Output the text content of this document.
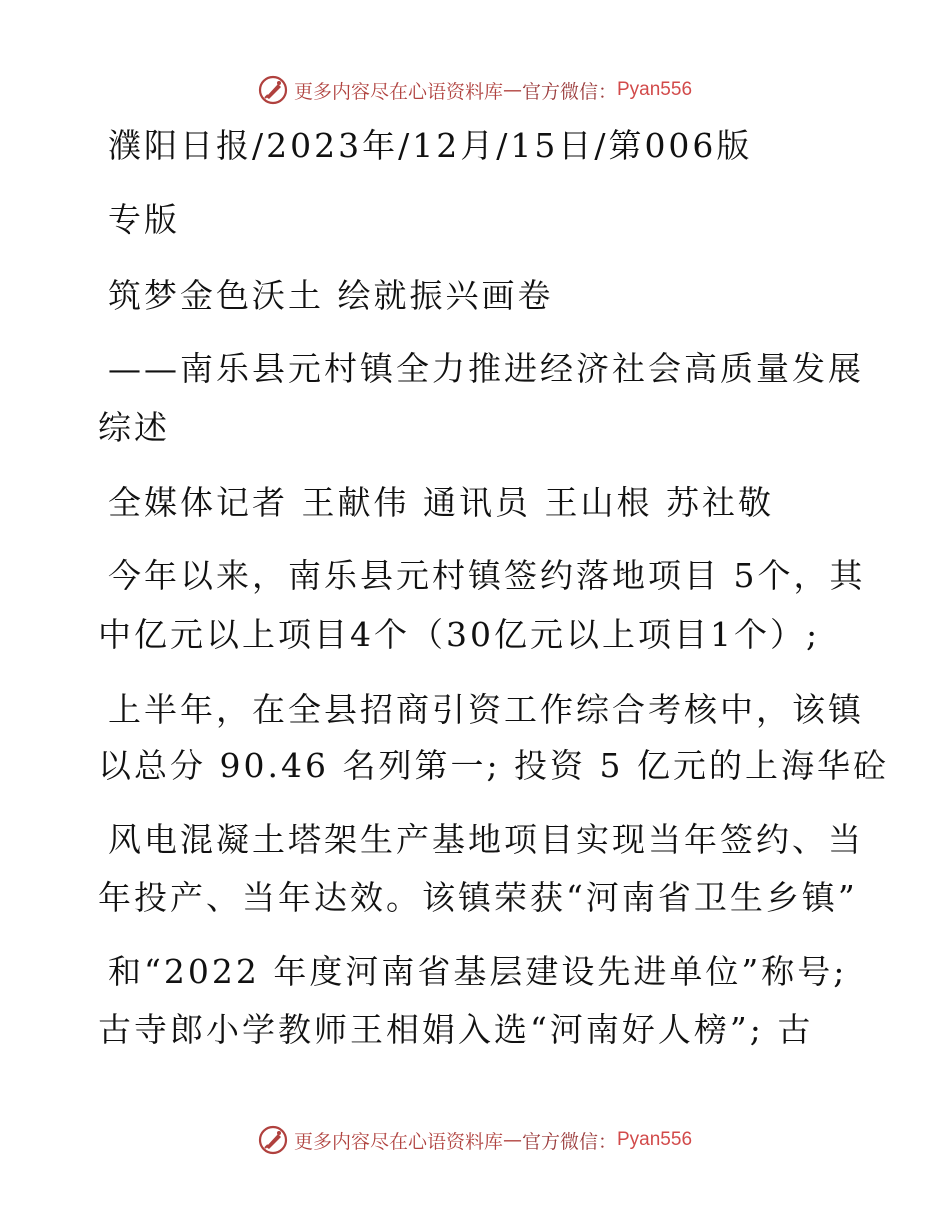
更多内容尽在心语资料库 — 官方微信： Pyan556
濮阳日报/2023年/12月/15日/第006版
专版
筑梦金色沃土 绘就振兴画卷
——南乐县元村镇全力推进经济社会高质量发展
综述
全媒体记者 王献伟 通讯员 王山根 苏社敬
今年以来，南乐县元村镇签约落地项目 5个，其
中亿元以上项目4个（30亿元以上项目1个）;
上半年，在全县招商引资工作综合考核中，该镇
以总分 90.46 名列第一; 投资 5 亿元的上海华砼
风电混凝土塔架生产基地项目实现当年签约、当
年投产、当年达效。该镇荣获“河南省卫生乡镇”
和“2022 年度河南省基层建设先进单位”称号;
古寺郎小学教师王相娟入选“河南好人榜”; 古
更多内容尽在心语资料库 — 官方微信： Pyan556
